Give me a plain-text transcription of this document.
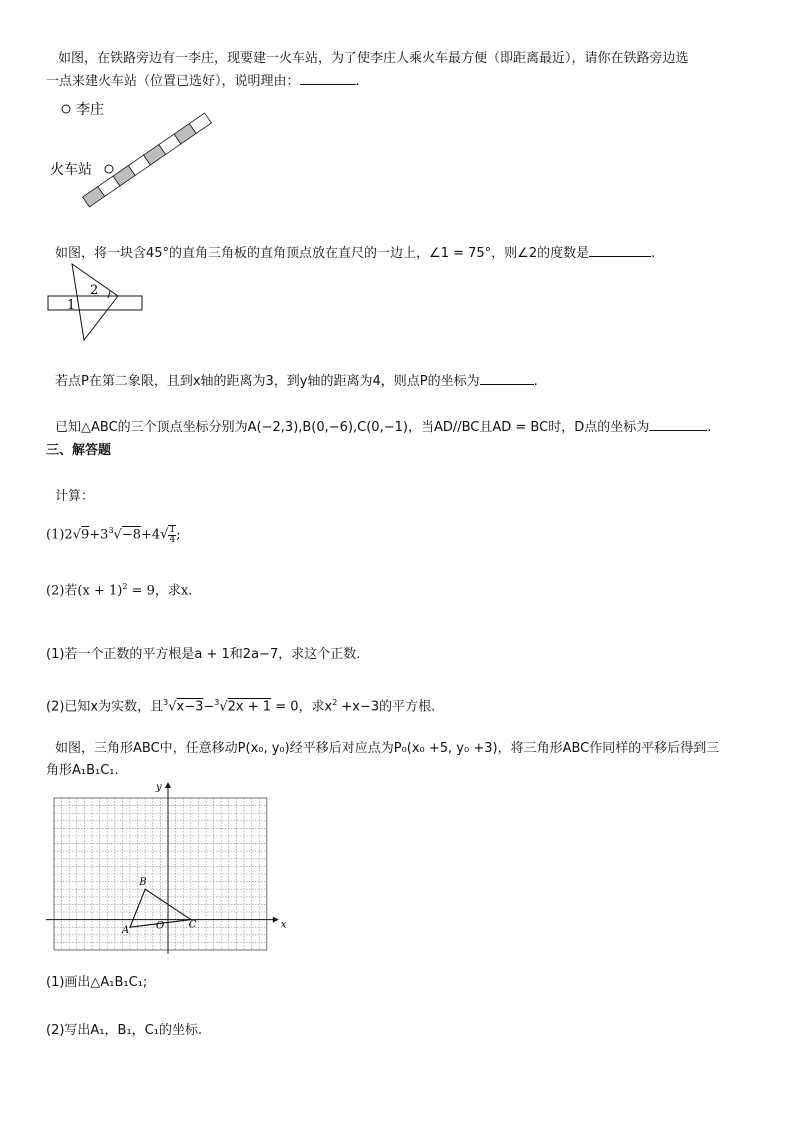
如图，在铁路旁边有一李庄，现要建一火车站，为了使李庄人乘火车最方便（即距离最近），请你在铁路旁边选
一点来建火车站（位置已选好），说明理由：	.
李庄
火车站
如图，将一块含45°的直角三角板的直角顶点放在直尺的一边上，∠1 = 75°，则∠2的度数是	.
1
2
若点P在第二象限，且到x轴的距离为3，到y轴的距离为4，则点P的坐标为	.
已知△ABC的三个顶点坐标分别为A(−2,3),B(0,−6),C(0,−1)，当AD//BC且AD = BC时，D点的坐标为	.
三、解答题
计算：
$(1)2√9+3^3√-8+4√ \frac{1}{4}$ ;
(2)若$(x + 1)^2 = 9$，求x.
(1)若一个正数的平方根是a + 1和2a−7，求这个正数.
(2)已知x为实数，且$^3$√x−3−$^3$√2x + 1 = 0，求$x^2 +x-3$的平方根.
如图，三角形ABC中，任意移动P(x₀, y₀)经平移后对应点为P₀(x₀ +5, y₀ +3)，将三角形ABC作同样的平移后得到三
角形A₁B₁C₁.
x
y
O
A
B
C
(1)画出△A₁B₁C₁;
(2)写出A₁，B₁，C₁的坐标.
